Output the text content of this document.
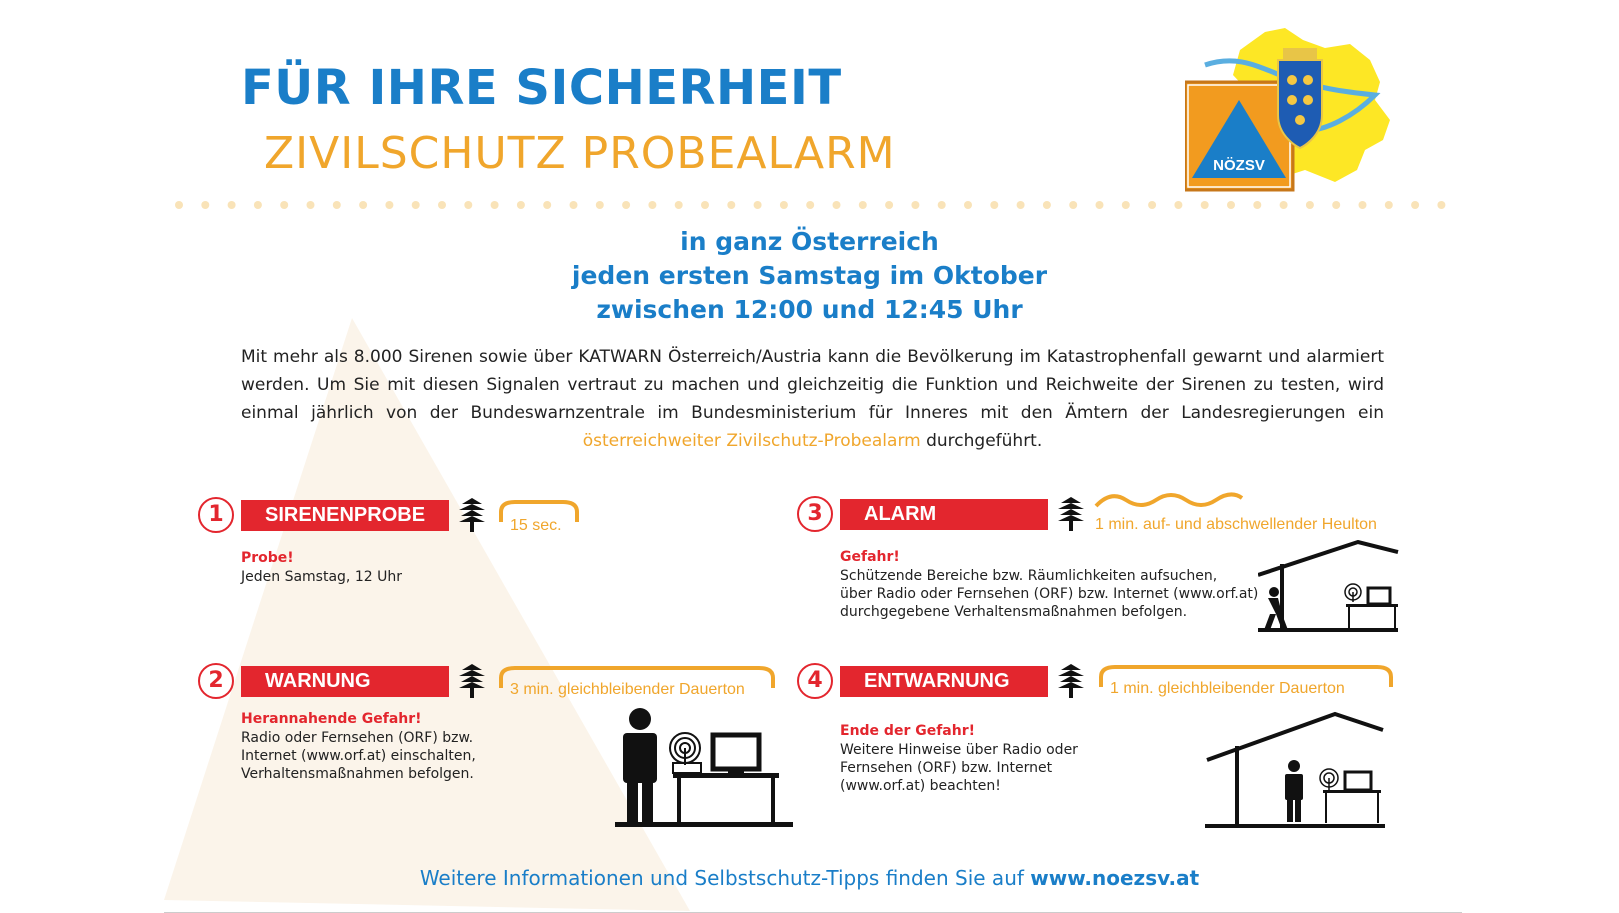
FÜR IHRE SICHERHEIT
ZIVILSCHUTZ PROBEALARM	NÖZSV
in ganz Österreich
jeden ersten Samstag im Oktober
zwischen 12:00 und 12:45 Uhr
Mit mehr als 8.000 Sirenen sowie über KATWARN Österreich/Austria kann die Bevölkerung im Katastrophenfall gewarnt und alarmiert werden. Um Sie mit diesen Signalen vertraut zu machen und gleichzeitig die Funktion und Reichweite der Sirenen zu testen, wird einmal jährlich von der Bundeswarnzentrale im Bundesministerium für Inneres mit den Ämtern der Landesregierungen ein österreichweiter Zivilschutz-Probealarm durchgeführt.
1	SIRENENPROBE	15 sec.
Probe!
Jeden Samstag, 12 Uhr
2	WARNUNG	3 min. gleichbleibender Dauerton
Herannahende Gefahr!
Radio oder Fernsehen (ORF) bzw.
Internet (www.orf.at) einschalten,
Verhaltensmaßnahmen befolgen.
3	ALARM	1 min. auf- und abschwellender Heulton
Gefahr!
Schützende Bereiche bzw. Räumlichkeiten aufsuchen,
über Radio oder Fernsehen (ORF) bzw. Internet (www.orf.at)
durchgegebene Verhaltensmaßnahmen befolgen.
4	ENTWARNUNG	1 min. gleichbleibender Dauerton
Ende der Gefahr!
Weitere Hinweise über Radio oder
Fernsehen (ORF) bzw. Internet
(www.orf.at) beachten!
Weitere Informationen und Selbstschutz-Tipps finden Sie auf www.noezsv.at
